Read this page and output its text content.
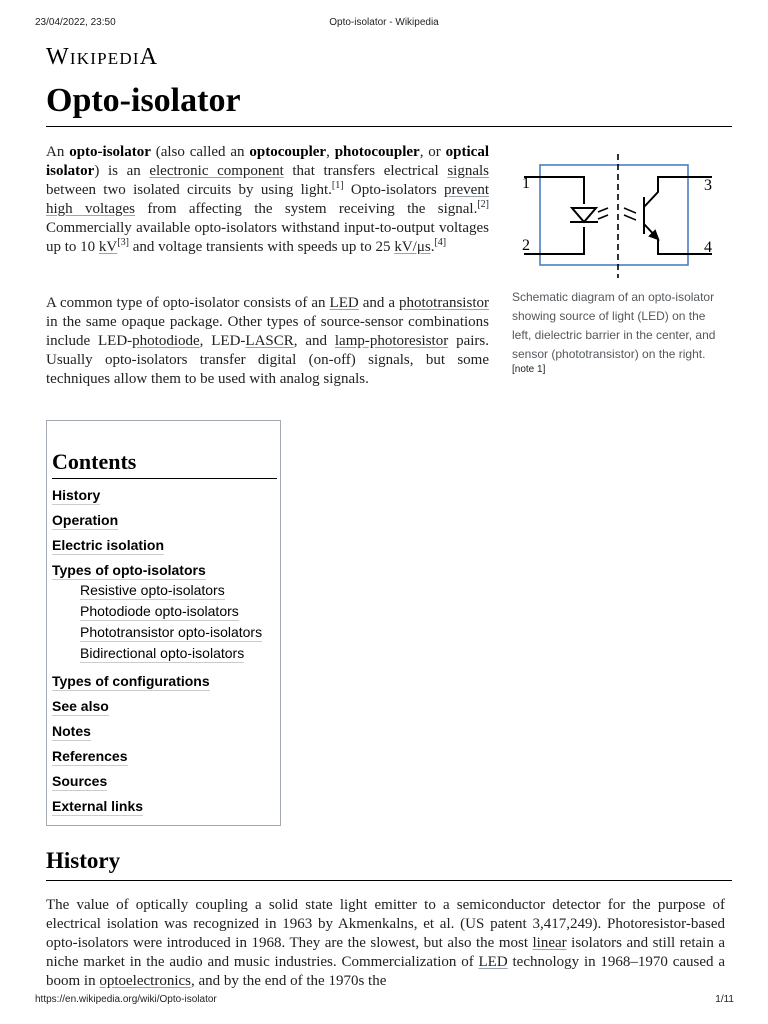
23/04/2022, 23:50	Opto-isolator - Wikipedia
WIKIPEDIA
Opto-isolator

An opto-isolator (also called an optocoupler, photocoupler, or optical isolator) is an electronic component that transfers electrical signals between two isolated circuits by using light.[1] Opto-isolators prevent high voltages from affecting the system receiving the signal.[2] Commercially available opto-isolators withstand input-to-output voltages up to 10 kV[3] and voltage transients with speeds up to 25 kV/μs.[4]

A common type of opto-isolator consists of an LED and a phototransistor in the same opaque package. Other types of source-sensor combinations include LED-photodiode, LED-LASCR, and lamp-photoresistor pairs. Usually opto-isolators transfer digital (on-off) signals, but some techniques allow them to be used with analog signals.

1
2
3
4
Schematic diagram of an opto-isolator showing source of light (LED) on the left, dielectric barrier in the center, and sensor (phototransistor) on the right. [note 1]
Contents
History
Operation
Electric isolation
Types of opto-isolators
Resistive opto-isolators
Photodiode opto-isolators
Phototransistor opto-isolators
Bidirectional opto-isolators
Types of configurations
See also
Notes
References
Sources
External links
History

The value of optically coupling a solid state light emitter to a semiconductor detector for the purpose of electrical isolation was recognized in 1963 by Akmenkalns, et al. (US patent 3,417,249). Photoresistor-based opto-isolators were introduced in 1968. They are the slowest, but also the most linear isolators and still retain a niche market in the audio and music industries. Commercialization of LED technology in 1968–1970 caused a boom in optoelectronics, and by the end of the 1970s the

https://en.wikipedia.org/wiki/Opto-isolator	1/11
